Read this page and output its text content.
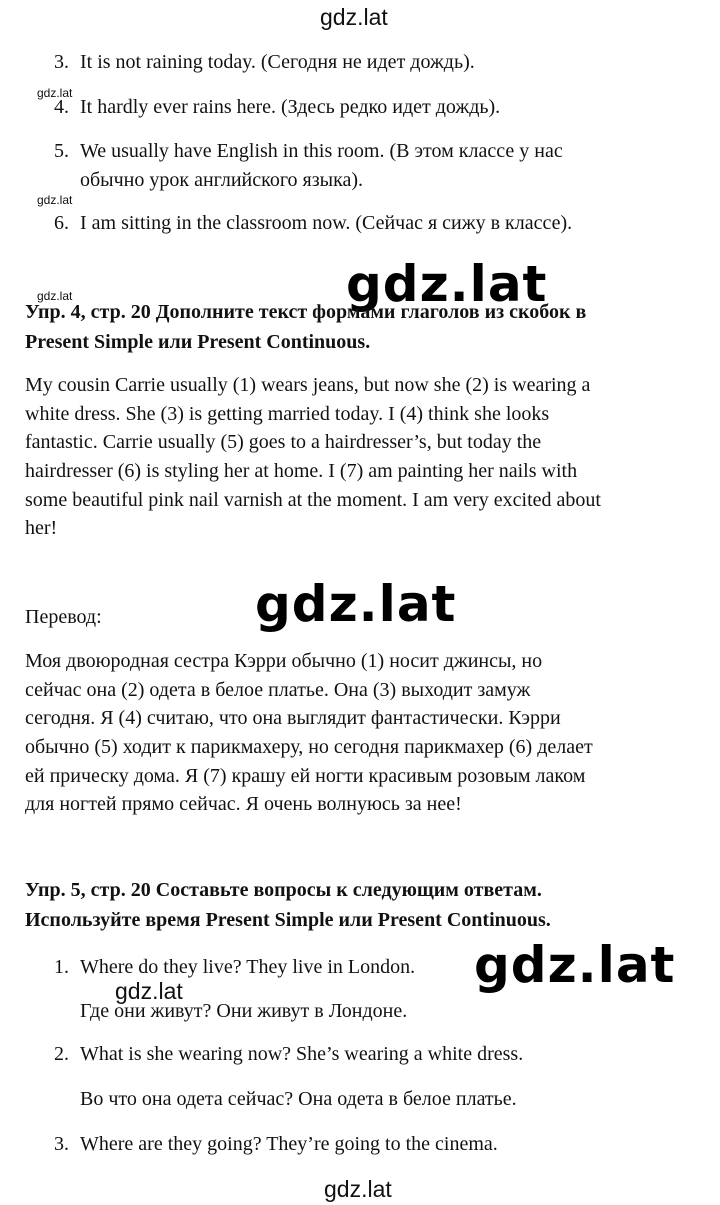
gdz.lat
3. It is not raining today. (Сегодня не идет дождь).
gdz.lat
4. It hardly ever rains here. (Здесь редко идет дождь).
5. We usually have English in this room. (В этом классе у нас
обычно урок английского языка).
gdz.lat
6. I am sitting in the classroom now. (Сейчас я сижу в классе).
gdz.lat	gdz.lat
Упр. 4, стр. 20 Дополните текст формами глаголов из скобок в
Present Simple или Present Continuous.
My cousin Carrie usually (1) wears jeans, but now she (2) is wearing a
white dress. She (3) is getting married today. I (4) think she looks
fantastic. Carrie usually (5) goes to a hairdresser’s, but today the
hairdresser (6) is styling her at home. I (7) am painting her nails with
some beautiful pink nail varnish at the moment. I am very excited about
her!
gdz.lat
Перевод:
Моя двоюродная сестра Кэрри обычно (1) носит джинсы, но
сейчас она (2) одета в белое платье. Она (3) выходит замуж
сегодня. Я (4) считаю, что она выглядит фантастически. Кэрри
обычно (5) ходит к парикмахеру, но сегодня парикмахер (6) делает
ей прическу дома. Я (7) крашу ей ногти красивым розовым лаком
для ногтей прямо сейчас. Я очень волнуюсь за нее!
Упр. 5, стр. 20 Составьте вопросы к следующим ответам.
Используйте время Present Simple или Present Continuous.
gdz.lat
1. Where do they live? They live in London.
gdz.lat
Где они живут? Они живут в Лондоне.
2. What is she wearing now? She’s wearing a white dress.
Во что она одета сейчас? Она одета в белое платье.
3. Where are they going? They’re going to the cinema.
gdz.lat
